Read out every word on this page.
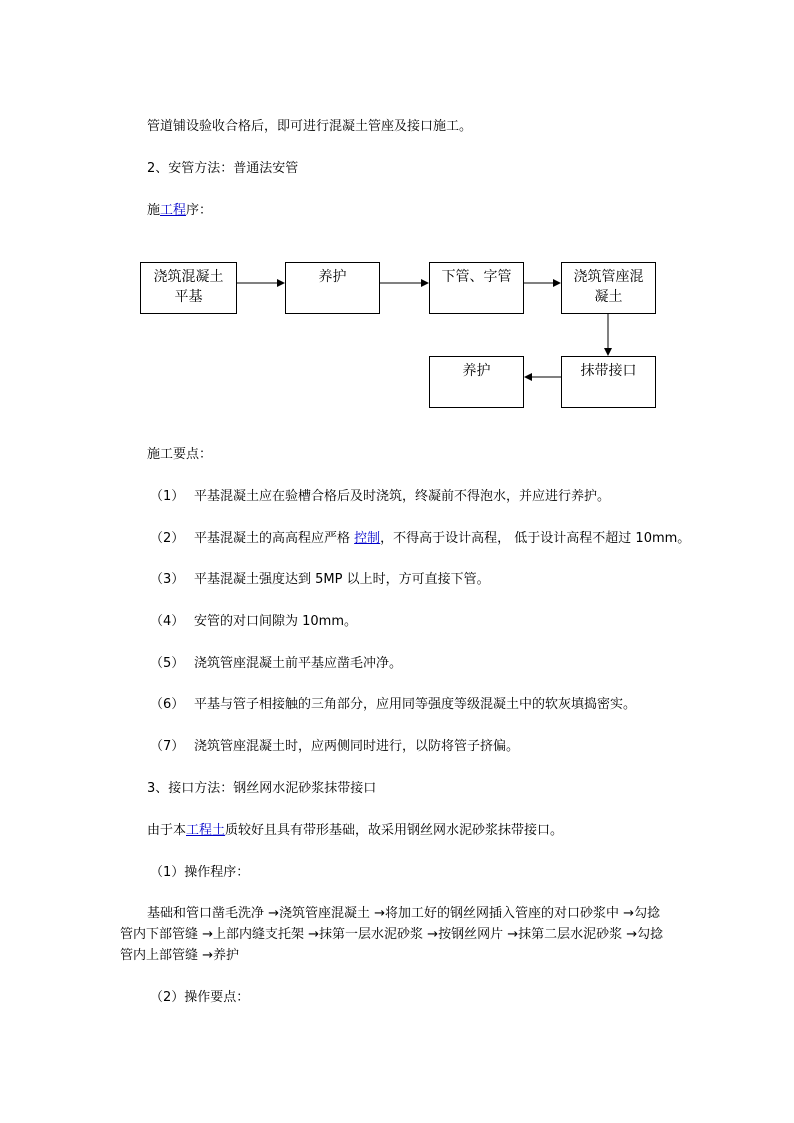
管道铺设验收合格后，即可进行混凝土管座及接口施工。
2、安管方法：普通法安管
施工程序：
浇筑混凝土
平基
养护	下管、字管	浇筑管座混
凝土
抹带接口
养护
施工要点：
（1） 平基混凝土应在验槽合格后及时浇筑，终凝前不得泡水，并应进行养护。
（2） 平基混凝土的高高程应严格 控制，不得高于设计高程， 低于设计高程不超过 10mm。
（3） 平基混凝土强度达到 5MP 以上时，方可直接下管。
（4） 安管的对口间隙为 10mm。
（5） 浇筑管座混凝土前平基应凿毛冲净。
（6） 平基与管子相接触的三角部分，应用同等强度等级混凝土中的软灰填捣密实。
（7） 浇筑管座混凝土时，应两侧同时进行，以防将管子挤偏。
3、接口方法：钢丝网水泥砂浆抹带接口
由于本工程土质较好且具有带形基础，故采用钢丝网水泥砂浆抹带接口。
（1）操作程序：
基础和管口凿毛洗净 →浇筑管座混凝土 →将加工好的钢丝网插入管座的对口砂浆中 →勾捻
管内下部管缝 →上部内缝支托架 →抹第一层水泥砂浆 →按钢丝网片 →抹第二层水泥砂浆 →勾捻
管内上部管缝 →养护
（2）操作要点：
